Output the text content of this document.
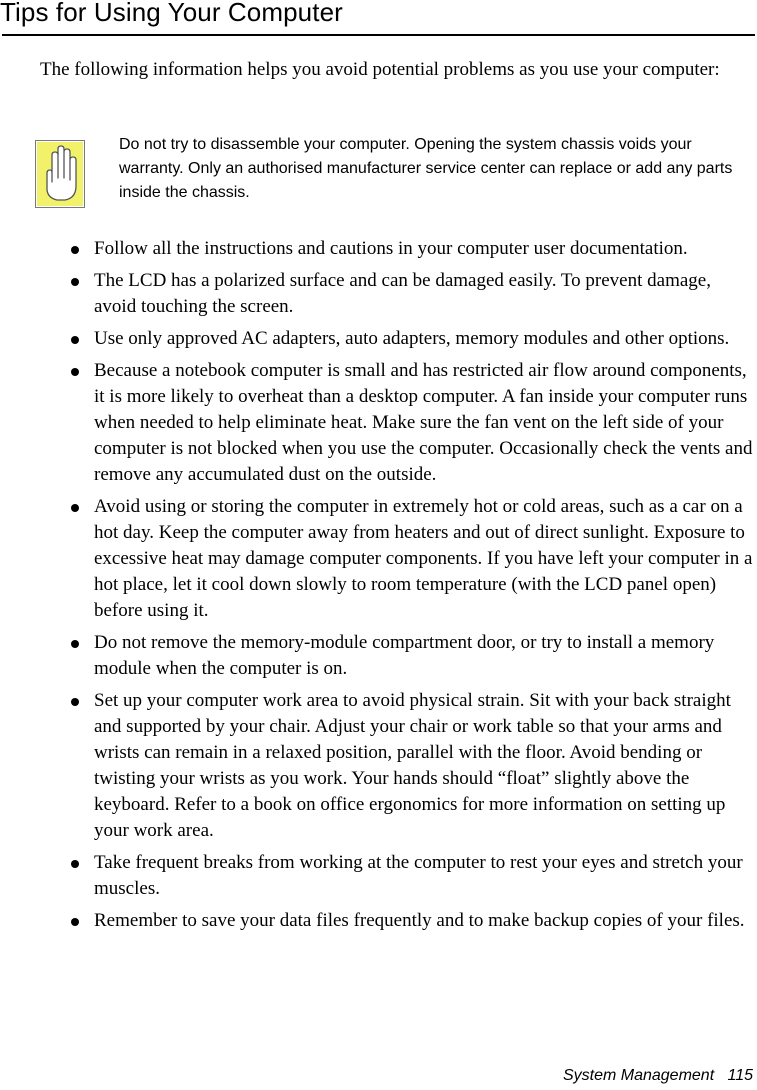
Tips for Using Your Computer

The following information helps you avoid potential problems as you use your computer:

Do not try to disassemble your computer. Opening the system chassis voids your warranty. Only an authorised manufacturer service center can replace or add any parts inside the chassis.

Follow all the instructions and cautions in your computer user documentation.
The LCD has a polarized surface and can be damaged easily. To prevent damage, avoid touching the screen.
Use only approved AC adapters, auto adapters, memory modules and other options.
Because a notebook computer is small and has restricted air flow around components, it is more likely to overheat than a desktop computer. A fan inside your computer runs when needed to help eliminate heat. Make sure the fan vent on the left side of your computer is not blocked when you use the computer. Occasionally check the vents and remove any accumulated dust on the outside.
Avoid using or storing the computer in extremely hot or cold areas, such as a car on a hot day. Keep the computer away from heaters and out of direct sunlight. Exposure to excessive heat may damage computer components. If you have left your computer in a hot place, let it cool down slowly to room temperature (with the LCD panel open) before using it.
Do not remove the memory-module compartment door, or try to install a memory module when the computer is on.
Set up your computer work area to avoid physical strain. Sit with your back straight and supported by your chair. Adjust your chair or work table so that your arms and wrists can remain in a relaxed position, parallel with the floor. Avoid bending or twisting your wrists as you work. Your hands should “float” slightly above the keyboard. Refer to a book on office ergonomics for more information on setting up your work area.
Take frequent breaks from working at the computer to rest your eyes and stretch your muscles.
Remember to save your data files frequently and to make backup copies of your files.
System Management 115
